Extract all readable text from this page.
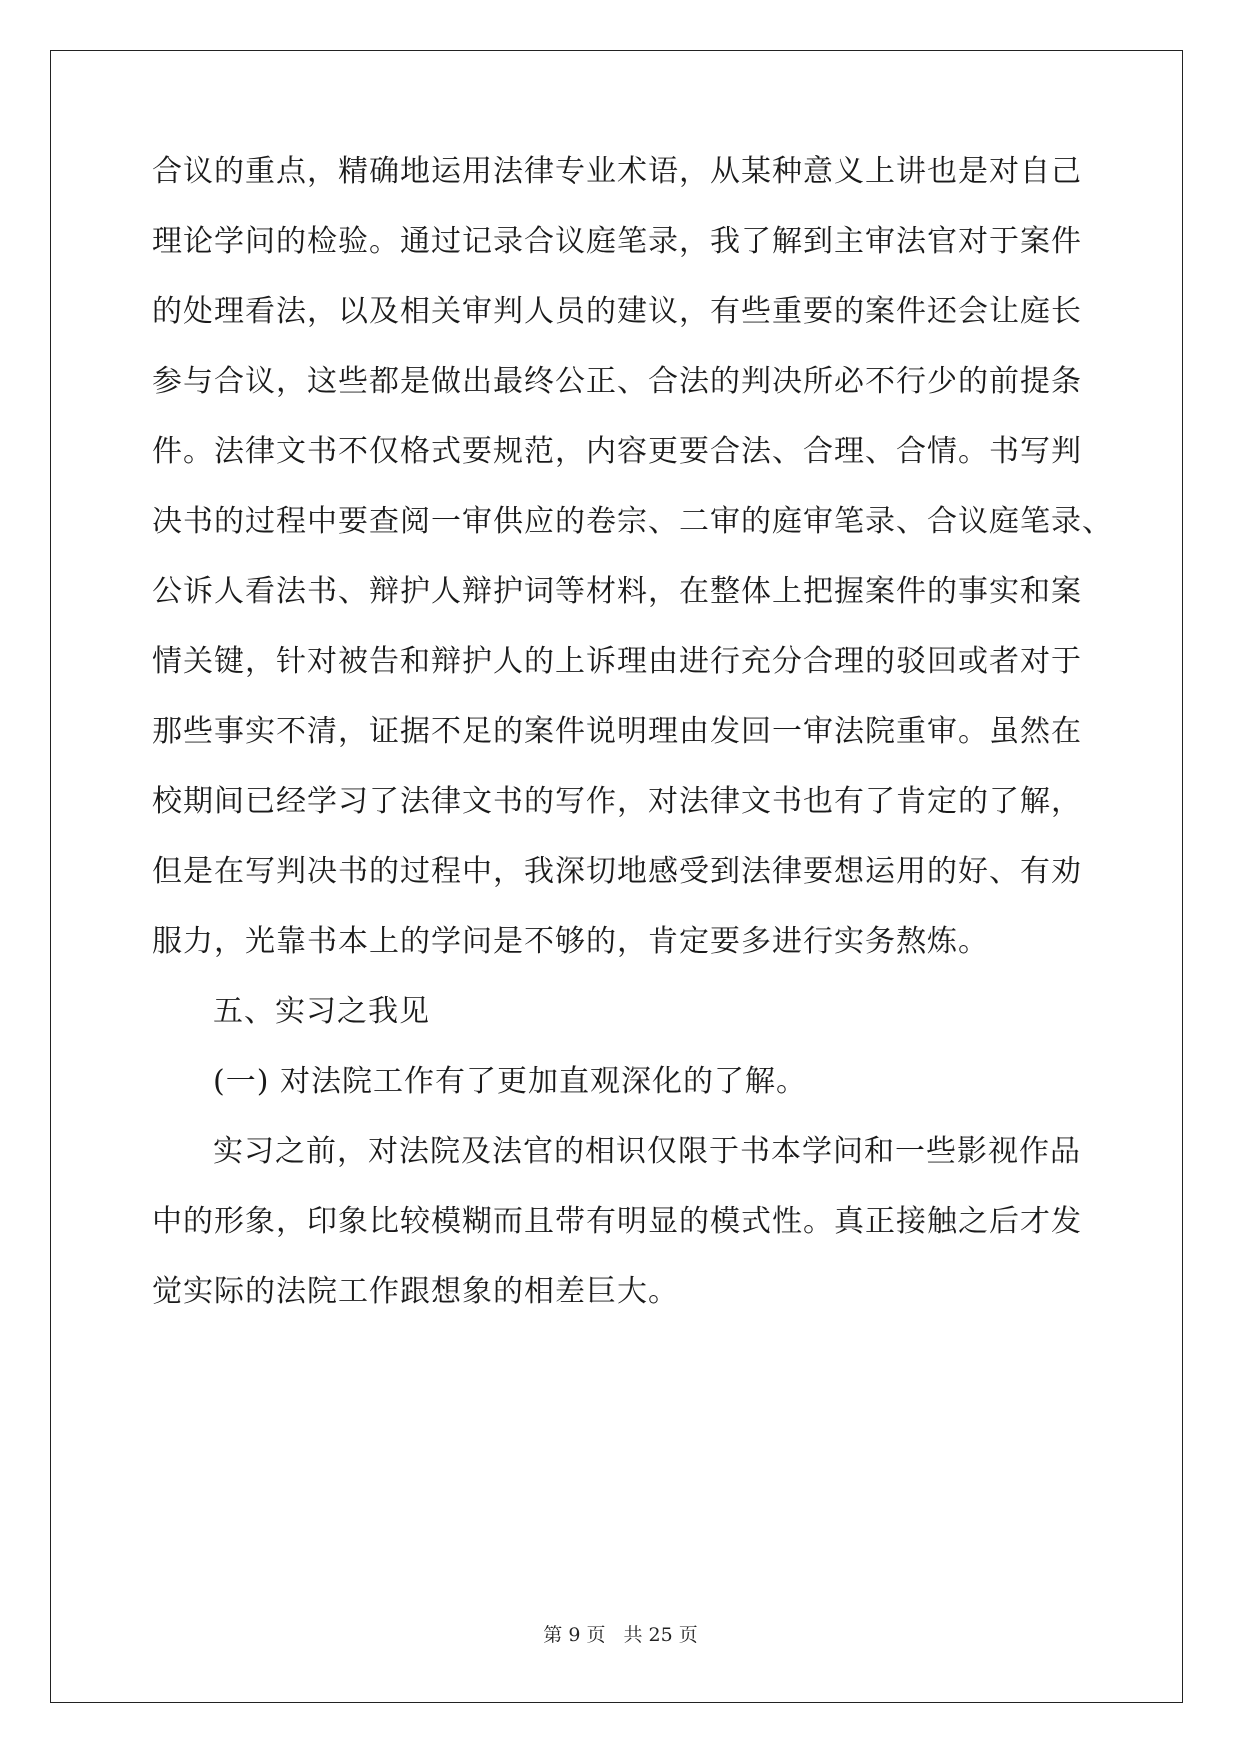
合议的重点，精确地运用法律专业术语，从某种意义上讲也是对自己
理论学问的检验。通过记录合议庭笔录，我了解到主审法官对于案件
的处理看法，以及相关审判人员的建议，有些重要的案件还会让庭长
参与合议，这些都是做出最终公正、合法的判决所必不行少的前提条
件。法律文书不仅格式要规范，内容更要合法、合理、合情。书写判
决书的过程中要查阅一审供应的卷宗、二审的庭审笔录、合议庭笔录、
公诉人看法书、辩护人辩护词等材料，在整体上把握案件的事实和案
情关键，针对被告和辩护人的上诉理由进行充分合理的驳回或者对于
那些事实不清，证据不足的案件说明理由发回一审法院重审。虽然在
校期间已经学习了法律文书的写作，对法律文书也有了肯定的了解，
但是在写判决书的过程中，我深切地感受到法律要想运用的好、有劝
服力，光靠书本上的学问是不够的，肯定要多进行实务熬炼。
五、实习之我见
(一) 对法院工作有了更加直观深化的了解。
实习之前，对法院及法官的相识仅限于书本学问和一些影视作品
中的形象，印象比较模糊而且带有明显的模式性。真正接触之后才发
觉实际的法院工作跟想象的相差巨大。
第 9 页 共 25 页
